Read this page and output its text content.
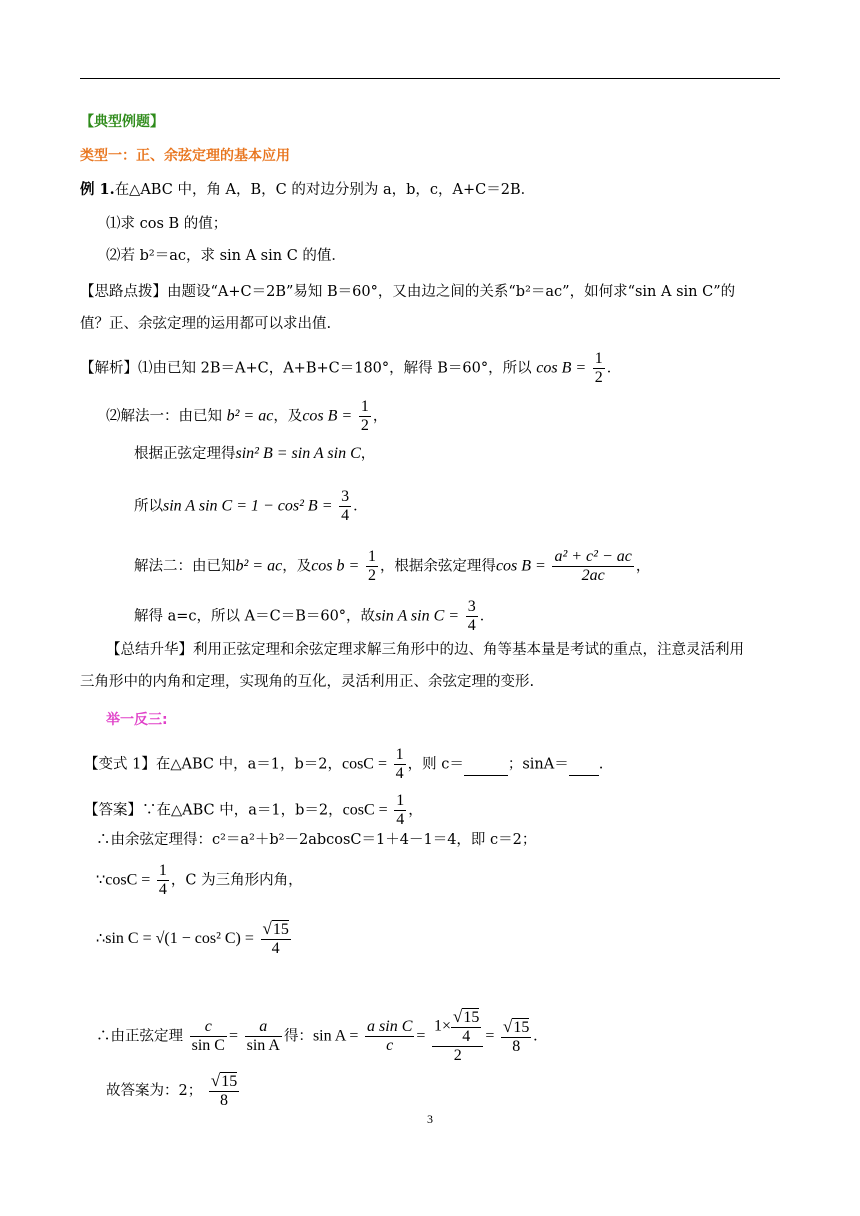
【典型例题】
类型一：正、余弦定理的基本应用
例 1.在△ABC 中，角 A，B，C 的对边分别为 a，b，c，A+C＝2B．
⑴求 cos B 的值；
⑵若 b²＝ac，求 sin A sin C 的值．
【思路点拨】由题设“A+C＝2B”易知 B＝60°，又由边之间的关系“b²＝ac”，如何求“sin A sin C”的
值？正、余弦定理的运用都可以求出值.
【解析】⑴由已知 2B＝A+C，A+B+C＝180°，解得 B＝60°，所以 $\cos B = \frac{1}{2}$ ．
⑵解法一：由已知 b² = ac，及$\cos B = \frac{1}{2}$ ，
根据正弦定理得sin² B = sin A sin C，
所以sin A sin C = 1 − cos² $B = \frac{3}{4}$ ．
解法二：由已知b² = ac，及$\cos b = \frac{1}{2}$ ，根据余弦定理得$\cos B = \frac{\text{a² + c² − ac}}{2ac}$ ，
解得 a=c，所以 A＝C＝B＝60°，故sin A $\sin C = \frac{3}{4}$ ．
【总结升华】利用正弦定理和余弦定理求解三角形中的边、角等基本量是考试的重点，注意灵活利用
三角形中的内角和定理，实现角的互化，灵活利用正、余弦定理的变形.
举一反三:
【变式 1】在△ABC 中，a＝1，b＝2，$\cos C = \frac{1}{4}$ ，则 c＝	；sinA＝ .
【答案】∵在△ABC 中，a＝1，b＝2，$\cos C = \frac{1}{4}$ ，
∴由余弦定理得：c²＝a²＋b²－2abcosC＝1＋4－1＝4，即 c＝2；
∵cosC = $\frac{1}{4}$ ，C 为三角形内角，
∴sin C = √(1 − cos² $C) = \frac{√15}{4}$
∴由正弦定理 $\frac{c}{\text{sin C}} = \frac{a}{\text{sin A}}$ 得：$\sin A = \frac{\text{a sin C}}{c} = \frac{1\times \frac{√15}{4}}{2} = \frac{√15}{8}$ .
故答案为：2； $\frac{√15}{8}$
3
